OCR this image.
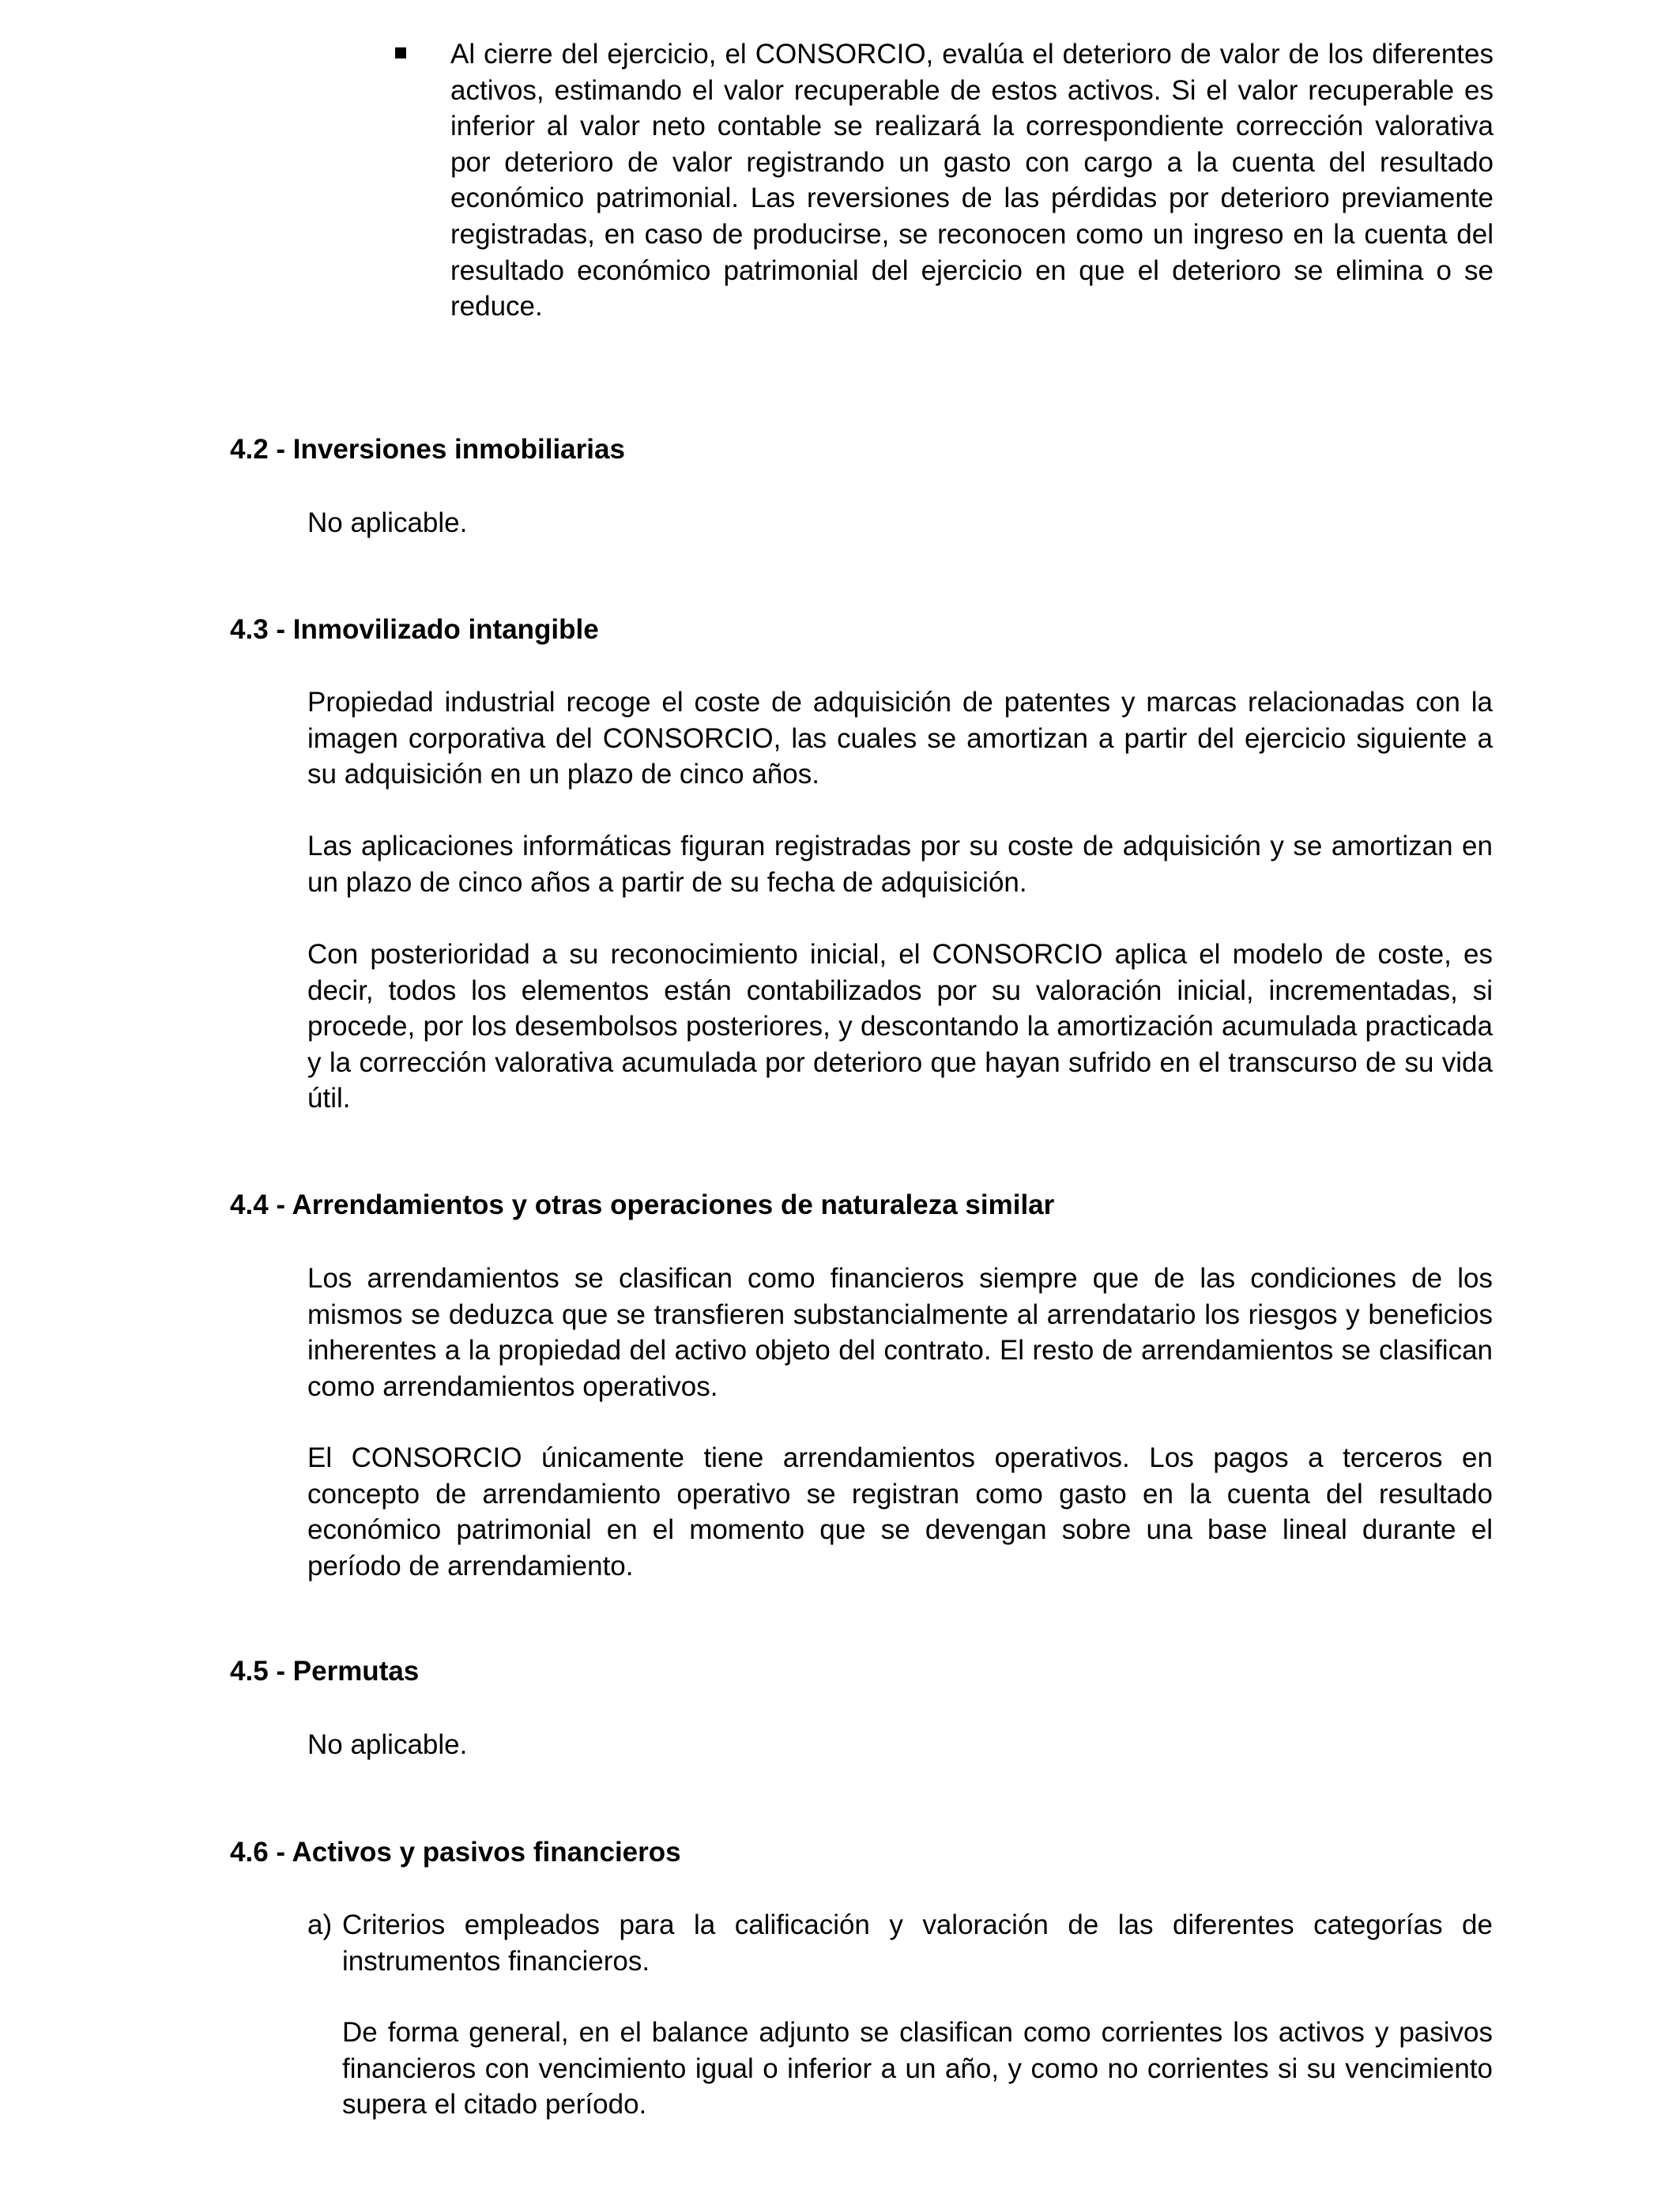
Al cierre del ejercicio, el CONSORCIO, evalúa el deterioro de valor de los diferentes activos, estimando el valor recuperable de estos activos. Si el valor recuperable es inferior al valor neto contable se realizará la correspondiente corrección valorativa por deterioro de valor registrando un gasto con cargo a la cuenta del resultado económico patrimonial. Las reversiones de las pérdidas por deterioro previamente registradas, en caso de producirse, se reconocen como un ingreso en la cuenta del resultado económico patrimonial del ejercicio en que el deterioro se elimina o se reduce.

4.2 - Inversiones inmobiliarias

No aplicable.

4.3 - Inmovilizado intangible

Propiedad industrial recoge el coste de adquisición de patentes y marcas relacionadas con la imagen corporativa del CONSORCIO, las cuales se amortizan a partir del ejercicio siguiente a su adquisición en un plazo de cinco años.

Las aplicaciones informáticas figuran registradas por su coste de adquisición y se amortizan en un plazo de cinco años a partir de su fecha de adquisición.

Con posterioridad a su reconocimiento inicial, el CONSORCIO aplica el modelo de coste, es decir, todos los elementos están contabilizados por su valoración inicial, incrementadas, si procede, por los desembolsos posteriores, y descontando la amortización acumulada practicada y la corrección valorativa acumulada por deterioro que hayan sufrido en el transcurso de su vida útil.

4.4 - Arrendamientos y otras operaciones de naturaleza similar

Los arrendamientos se clasifican como financieros siempre que de las condiciones de los mismos se deduzca que se transfieren substancialmente al arrendatario los riesgos y beneficios inherentes a la propiedad del activo objeto del contrato. El resto de arrendamientos se clasifican como arrendamientos operativos.

El CONSORCIO únicamente tiene arrendamientos operativos. Los pagos a terceros en concepto de arrendamiento operativo se registran como gasto en la cuenta del resultado económico patrimonial en el momento que se devengan sobre una base lineal durante el período de arrendamiento.

4.5 - Permutas

No aplicable.

4.6 - Activos y pasivos financieros
a) Criterios empleados para la calificación y valoración de las diferentes categorías de instrumentos financieros.

De forma general, en el balance adjunto se clasifican como corrientes los activos y pasivos financieros con vencimiento igual o inferior a un año, y como no corrientes si su vencimiento supera el citado período.
